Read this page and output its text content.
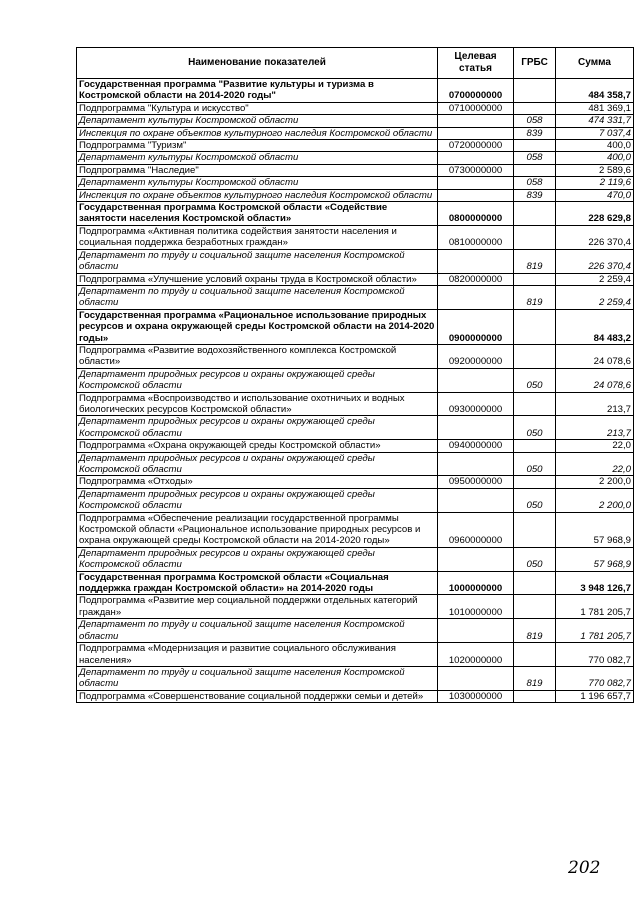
Наименование показателей	Целевая статья	ГРБС	Сумма
Государственная программа "Развитие культуры и туризма в Костромской области на 2014-2020 годы"	0700000000		484 358,7
Подпрограмма "Культура и искусство"	0710000000		481 369,1
Департамент культуры Костромской области		058	474 331,7
Инспекция по охране объектов культурного наследия Костромской области		839	7 037,4
Подпрограмма "Туризм"	0720000000		400,0
Департамент культуры Костромской области		058	400,0
Подпрограмма "Наследие"	0730000000		2 589,6
Департамент культуры Костромской области		058	2 119,6
Инспекция по охране объектов культурного наследия Костромской области		839	470,0
Государственная программа Костромской области «Содействие занятости населения Костромской области»	0800000000		228 629,8
Подпрограмма «Активная политика содействия занятости населения и социальная поддержка безработных граждан»	0810000000		226 370,4
Департамент по труду и социальной защите населения Костромской области		819	226 370,4
Подпрограмма «Улучшение условий охраны труда в Костромской области»	0820000000		2 259,4
Департамент по труду и социальной защите населения Костромской области		819	2 259,4
Государственная программа «Рациональное использование природных ресурсов и охрана окружающей среды Костромской области на 2014-2020 годы»	0900000000		84 483,2
Подпрограмма «Развитие водохозяйственного комплекса Костромской области»	0920000000		24 078,6
Департамент природных ресурсов и охраны окружающей среды Костромской области		050	24 078,6
Подпрограмма «Воспроизводство и использование охотничьих и водных биологических ресурсов Костромской области»	0930000000		213,7
Департамент природных ресурсов и охраны окружающей среды Костромской области		050	213,7
Подпрограмма «Охрана окружающей среды Костромской области»	0940000000		22,0
Департамент природных ресурсов и охраны окружающей среды Костромской области		050	22,0
Подпрограмма «Отходы»	0950000000		2 200,0
Департамент природных ресурсов и охраны окружающей среды Костромской области		050	2 200,0
Подпрограмма «Обеспечение реализации государственной программы Костромской области «Рациональное использование природных ресурсов и охрана окружающей среды Костромской области на 2014-2020 годы»	0960000000		57 968,9
Департамент природных ресурсов и охраны окружающей среды Костромской области		050	57 968,9
Государственная программа Костромской области «Социальная поддержка граждан Костромской области» на 2014-2020 годы	1000000000		3 948 126,7
Подпрограмма «Развитие мер социальной поддержки отдельных категорий граждан»	1010000000		1 781 205,7
Департамент по труду и социальной защите населения Костромской области		819	1 781 205,7
Подпрограмма «Модернизация и развитие социального обслуживания населения»	1020000000		770 082,7
Департамент по труду и социальной защите населения Костромской области		819	770 082,7
Подпрограмма «Совершенствование социальной поддержки семьи и детей»	1030000000		1 196 657,7
202
